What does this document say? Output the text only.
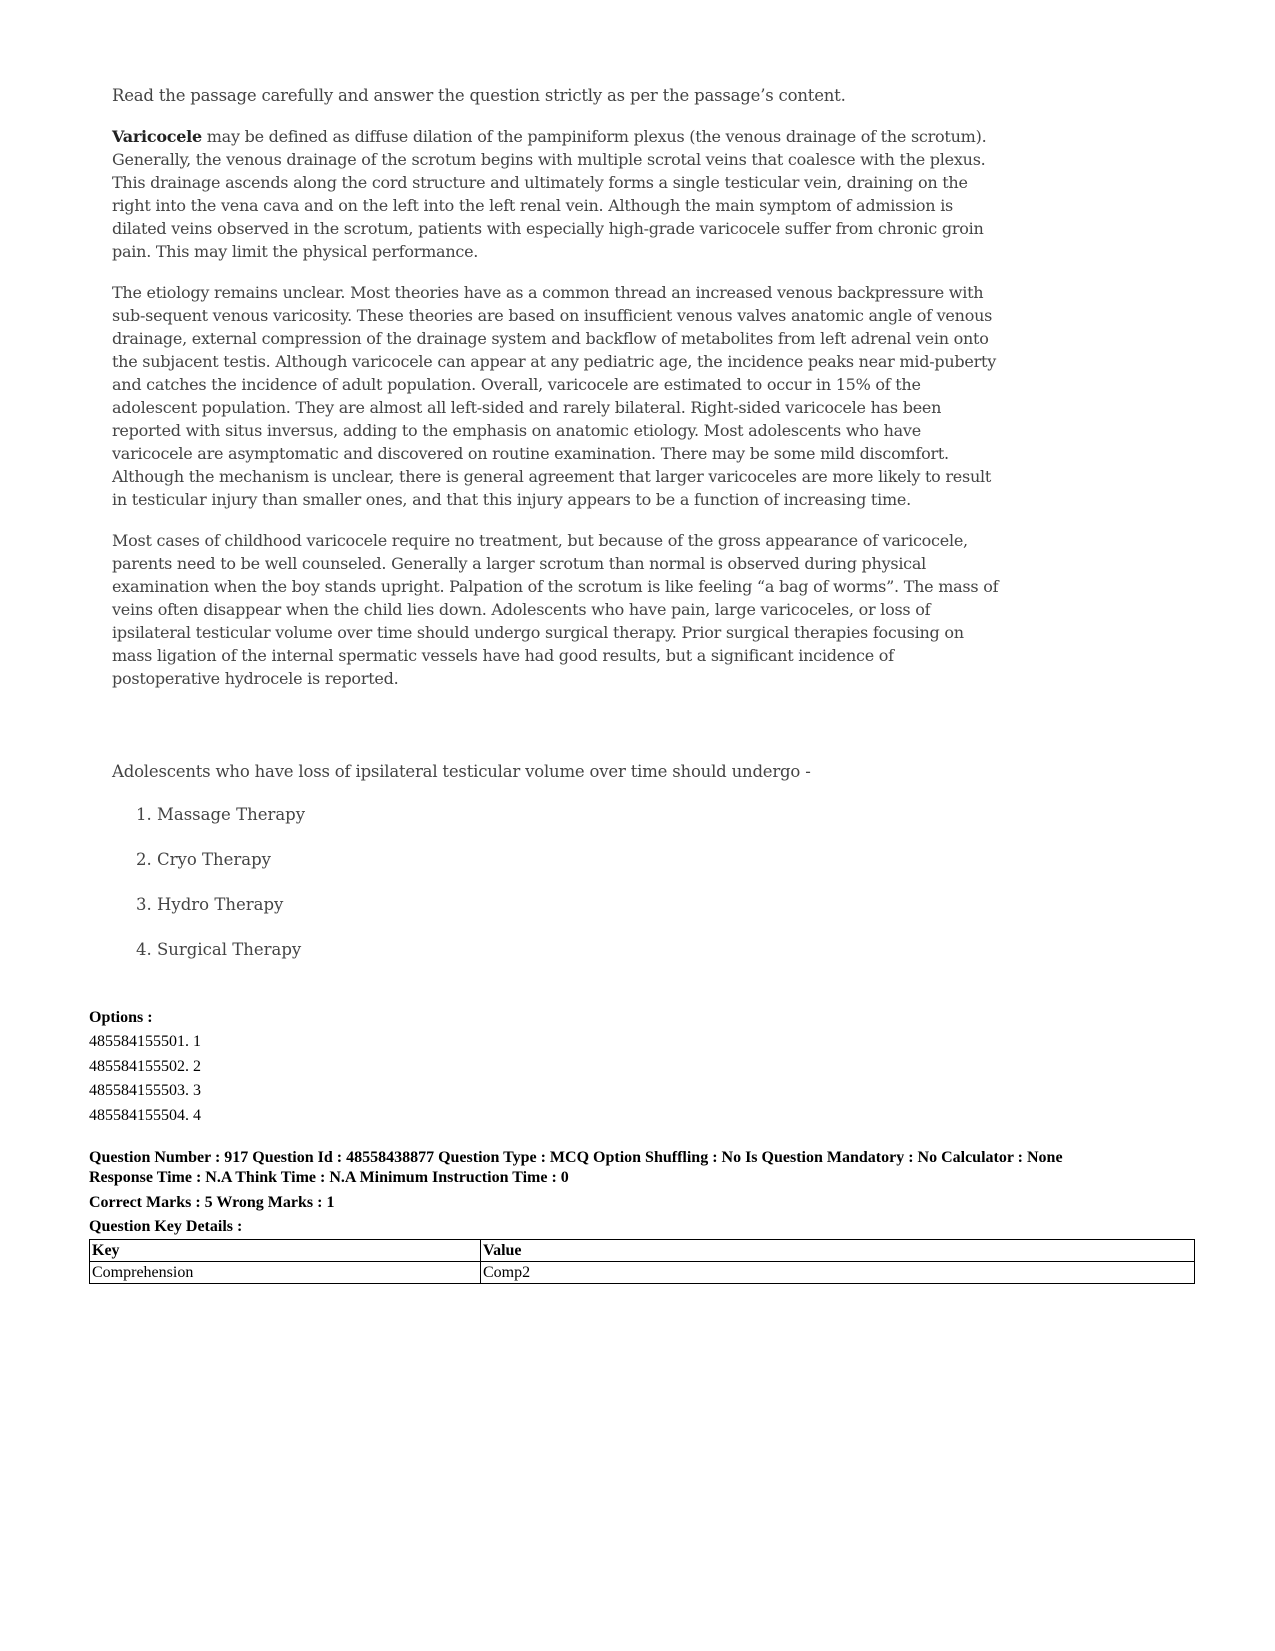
Read the passage carefully and answer the question strictly as per the passage’s content.

Varicocele may be defined as diffuse dilation of the pampiniform plexus (the venous drainage of the scrotum). Generally, the venous drainage of the scrotum begins with multiple scrotal veins that coalesce with the plexus. This drainage ascends along the cord structure and ultimately forms a single testicular vein, draining on the right into the vena cava and on the left into the left renal vein. Although the main symptom of admission is dilated veins observed in the scrotum, patients with especially high-grade varicocele suffer from chronic groin pain. This may limit the physical performance.

The etiology remains unclear. Most theories have as a common thread an increased venous backpressure with sub-sequent venous varicosity. These theories are based on insufficient venous valves anatomic angle of venous drainage, external compression of the drainage system and backflow of metabolites from left adrenal vein onto the subjacent testis. Although varicocele can appear at any pediatric age, the incidence peaks near mid-puberty and catches the incidence of adult population. Overall, varicocele are estimated to occur in 15% of the adolescent population. They are almost all left-sided and rarely bilateral. Right-sided varicocele has been reported with situs inversus, adding to the emphasis on anatomic etiology. Most adolescents who have varicocele are asymptomatic and discovered on routine examination. There may be some mild discomfort. Although the mechanism is unclear, there is general agreement that larger varicoceles are more likely to result in testicular injury than smaller ones, and that this injury appears to be a function of increasing time.

Most cases of childhood varicocele require no treatment, but because of the gross appearance of varicocele, parents need to be well counseled. Generally a larger scrotum than normal is observed during physical examination when the boy stands upright. Palpation of the scrotum is like feeling “a bag of worms”. The mass of veins often disappear when the child lies down. Adolescents who have pain, large varicoceles, or loss of ipsilateral testicular volume over time should undergo surgical therapy. Prior surgical therapies focusing on mass ligation of the internal spermatic vessels have had good results, but a significant incidence of postoperative hydrocele is reported.

Adolescents who have loss of ipsilateral testicular volume over time should undergo -
1. Massage Therapy
2. Cryo Therapy
3. Hydro Therapy
4. Surgical Therapy
Options :
485584155501. 1
485584155502. 2
485584155503. 3
485584155504. 4
Question Number : 917 Question Id : 48558438877 Question Type : MCQ Option Shuffling : No Is Question Mandatory : No Calculator : None
Response Time : N.A Think Time : N.A Minimum Instruction Time : 0
Correct Marks : 5 Wrong Marks : 1
Question Key Details :
Key	Value
Comprehension	Comp2
